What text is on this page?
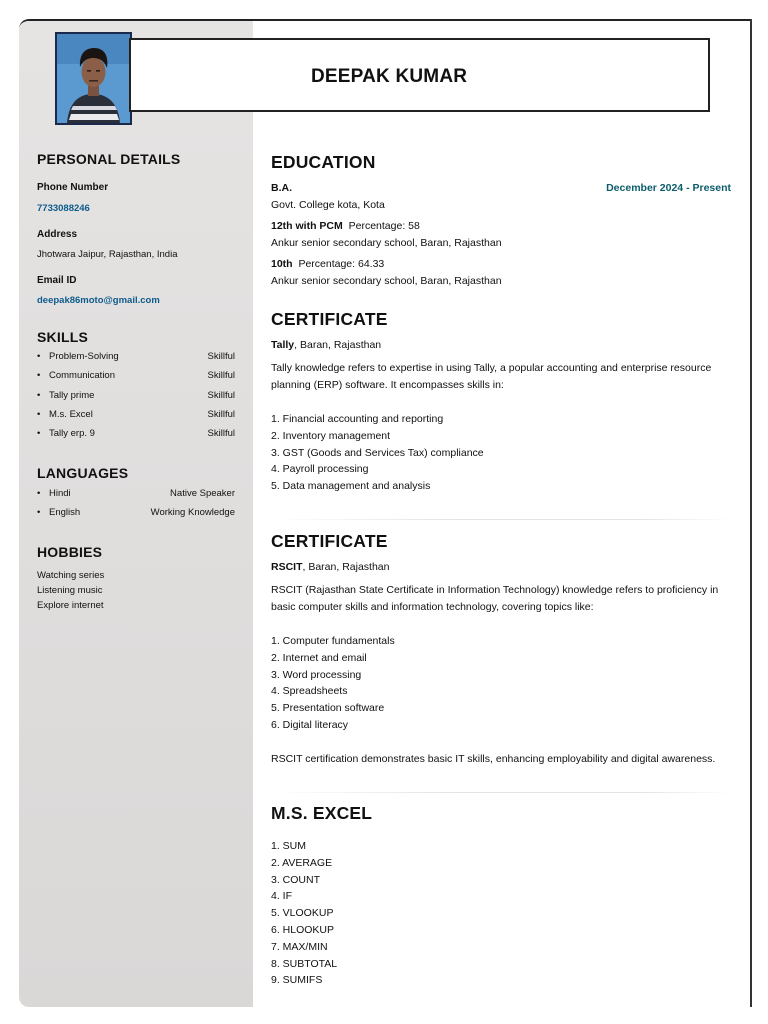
PERSONAL DETAILS
Phone Number
7733088246
Address
Jhotwara Jaipur, Rajasthan, India
Email ID
deepak86moto@gmail.com
SKILLS
• Problem-Solving	Skillful
• Communication	Skillful
• Tally prime	Skillful
• M.s. Excel	Skillful
• Tally erp. 9	Skillful
LANGUAGES
• Hindi	Native Speaker
• English	Working Knowledge
HOBBIES
Watching series
Listening music
Explore internet
DEEPAK KUMAR
EDUCATION
B.A.	December 2024 - Present
Govt. College kota, Kota
12th with PCM Percentage: 58
Ankur senior secondary school, Baran, Rajasthan
10th Percentage: 64.33
Ankur senior secondary school, Baran, Rajasthan
CERTIFICATE
Tally, Baran, Rajasthan
Tally knowledge refers to expertise in using Tally, a popular accounting and enterprise resource planning (ERP) software. It encompasses skills in:
1. Financial accounting and reporting
2. Inventory management
3. GST (Goods and Services Tax) compliance
4. Payroll processing
5. Data management and analysis
CERTIFICATE
RSCIT, Baran, Rajasthan
RSCIT (Rajasthan State Certificate in Information Technology) knowledge refers to proficiency in basic computer skills and information technology, covering topics like:
1. Computer fundamentals
2. Internet and email
3. Word processing
4. Spreadsheets
5. Presentation software
6. Digital literacy
RSCIT certification demonstrates basic IT skills, enhancing employability and digital awareness.
M.S. EXCEL
1. SUM
2. AVERAGE
3. COUNT
4. IF
5. VLOOKUP
6. HLOOKUP
7. MAX/MIN
8. SUBTOTAL
9. SUMIFS
